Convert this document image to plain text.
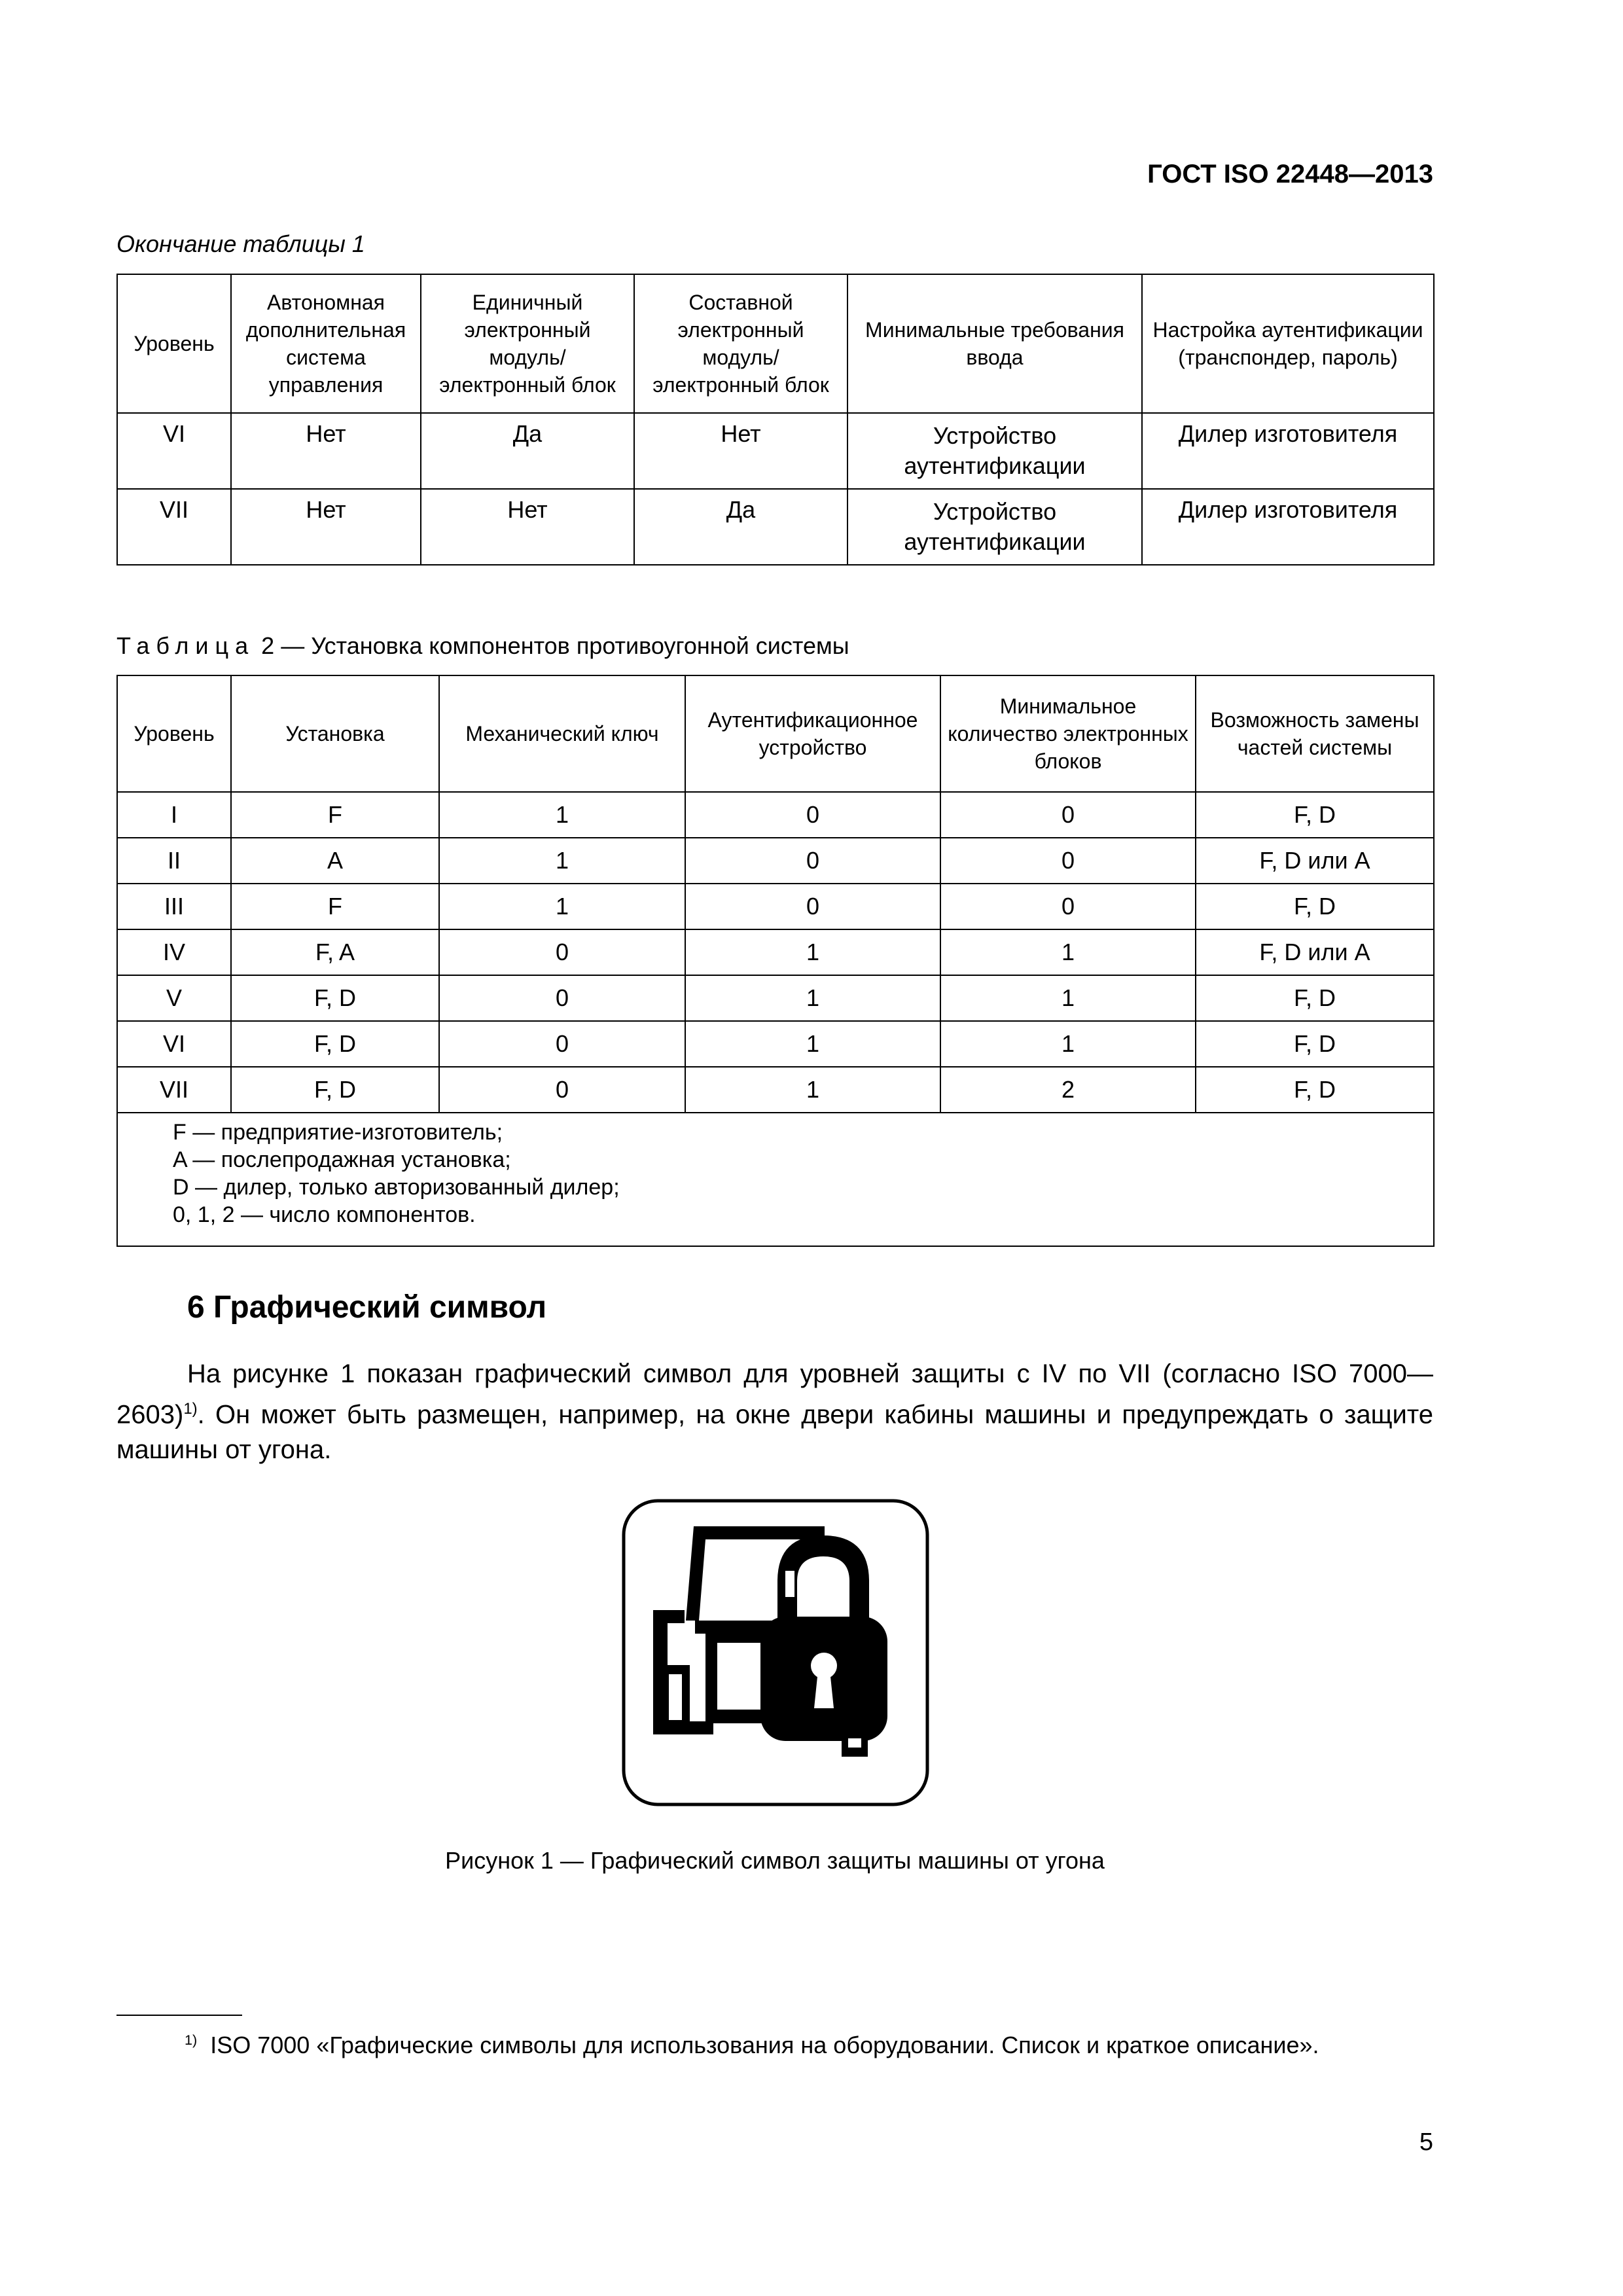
ГОСТ ISO 22448—2013
Окончание таблицы 1
Уровень	Автономная дополнительная система управления	Единичный электронный модуль/ электронный блок	Составной электронный модуль/ электронный блок	Минимальные требования ввода	Настройка аутентификации (транспондер, пароль)
VI	Нет	Да	Нет	Устройство аутентификации	Дилер изготовителя
VII	Нет	Нет	Да	Устройство аутентификации	Дилер изготовителя
Таблица 2 — Установка компонентов противоугонной системы
Уровень	Установка	Механический ключ	Аутентификационное устройство	Минимальное количество электронных блоков	Возможность замены частей системы
I	F	1	0	0	F, D
II	A	1	0	0	F, D или A
III	F	1	0	0	F, D
IV	F, A	0	1	1	F, D или A
V	F, D	0	1	1	F, D
VI	F, D	0	1	1	F, D
VII	F, D	0	1	2	F, D

F — предприятие-изготовитель;
A — послепродажная установка;
D — дилер, только авторизованный дилер;
0, 1, 2 — число компонентов.					
6 Графический символ
На рисунке 1 показан графический символ для уровней защиты с IV по VII (согласно ISO 7000—2603)$^{1)}$. Он может быть размещен, например, на окне двери кабины машины и предупреждать о защите машины от угона.
Рисунок 1 — Графический символ защиты машины от угона
$^{1)}$ ISO 7000 «Графические символы для использования на оборудовании. Список и краткое описание».
5
